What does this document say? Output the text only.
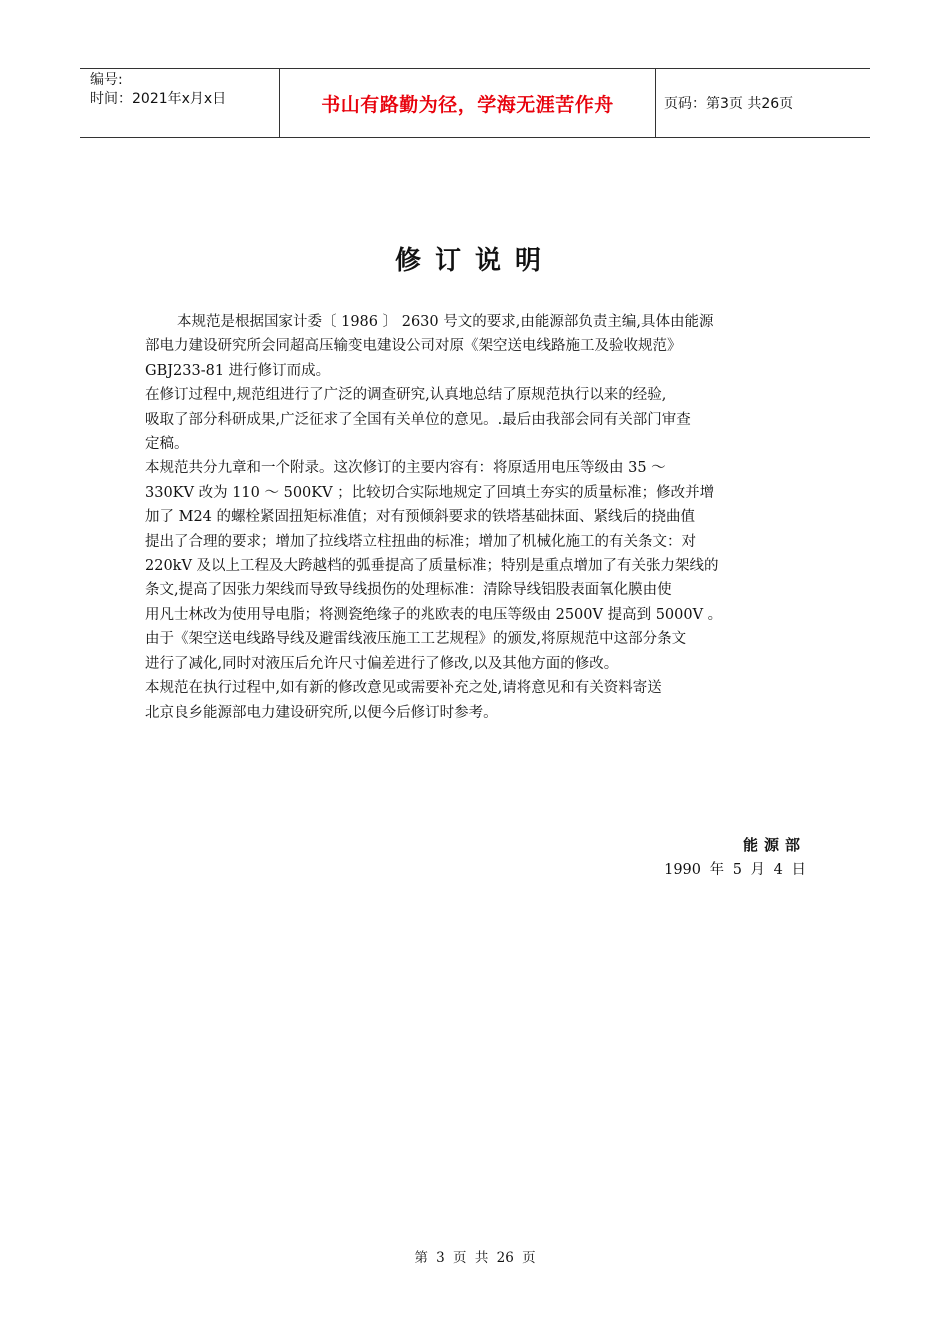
编号:
时间：2021年x月x日	书山有路勤为径，学海无涯苦作舟	页码：第3页 共26页
修订说明
本规范是根据国家计委〔 1986 〕 2630 号文的要求,由能源部负责主编,具体由能源
部电力建设研究所会同超高压输变电建设公司对原《架空送电线路施工及验收规范》
GBJ233-81 进行修订而成。
在修订过程中,规范组进行了广泛的调查研究,认真地总结了原规范执行以来的经验,
吸取了部分科研成果,广泛征求了全国有关单位的意见。.最后由我部会同有关部门审查
定稿。
本规范共分九章和一个附录。这次修订的主要内容有：将原适用电压等级由 35 ～
330KV 改为 110 ～ 500KV ；比较切合实际地规定了回填土夯实的质量标准；修改并增
加了 M24 的螺栓紧固扭矩标准值；对有预倾斜要求的铁塔基础抹面、紧线后的挠曲值
提出了合理的要求；增加了拉线塔立柱扭曲的标准；增加了机械化施工的有关条文：对
220kV 及以上工程及大跨越档的弧垂提高了质量标准；特别是重点增加了有关张力架线的
条文,提高了因张力架线而导致导线损伤的处理标准：清除导线铝股表面氧化膜由使
用凡士林改为使用导电脂；将测瓷绝缘子的兆欧表的电压等级由 2500V 提高到 5000V 。
由于《架空送电线路导线及避雷线液压施工工艺规程》的颁发,将原规范中这部分条文
进行了减化,同时对液压后允许尺寸偏差进行了修改,以及其他方面的修改。
本规范在执行过程中,如有新的修改意见或需要补充之处,请将意见和有关资料寄送
北京良乡能源部电力建设研究所,以便今后修订时参考。
能源部
1990 年 5 月 4 日
第 3 页 共 26 页
